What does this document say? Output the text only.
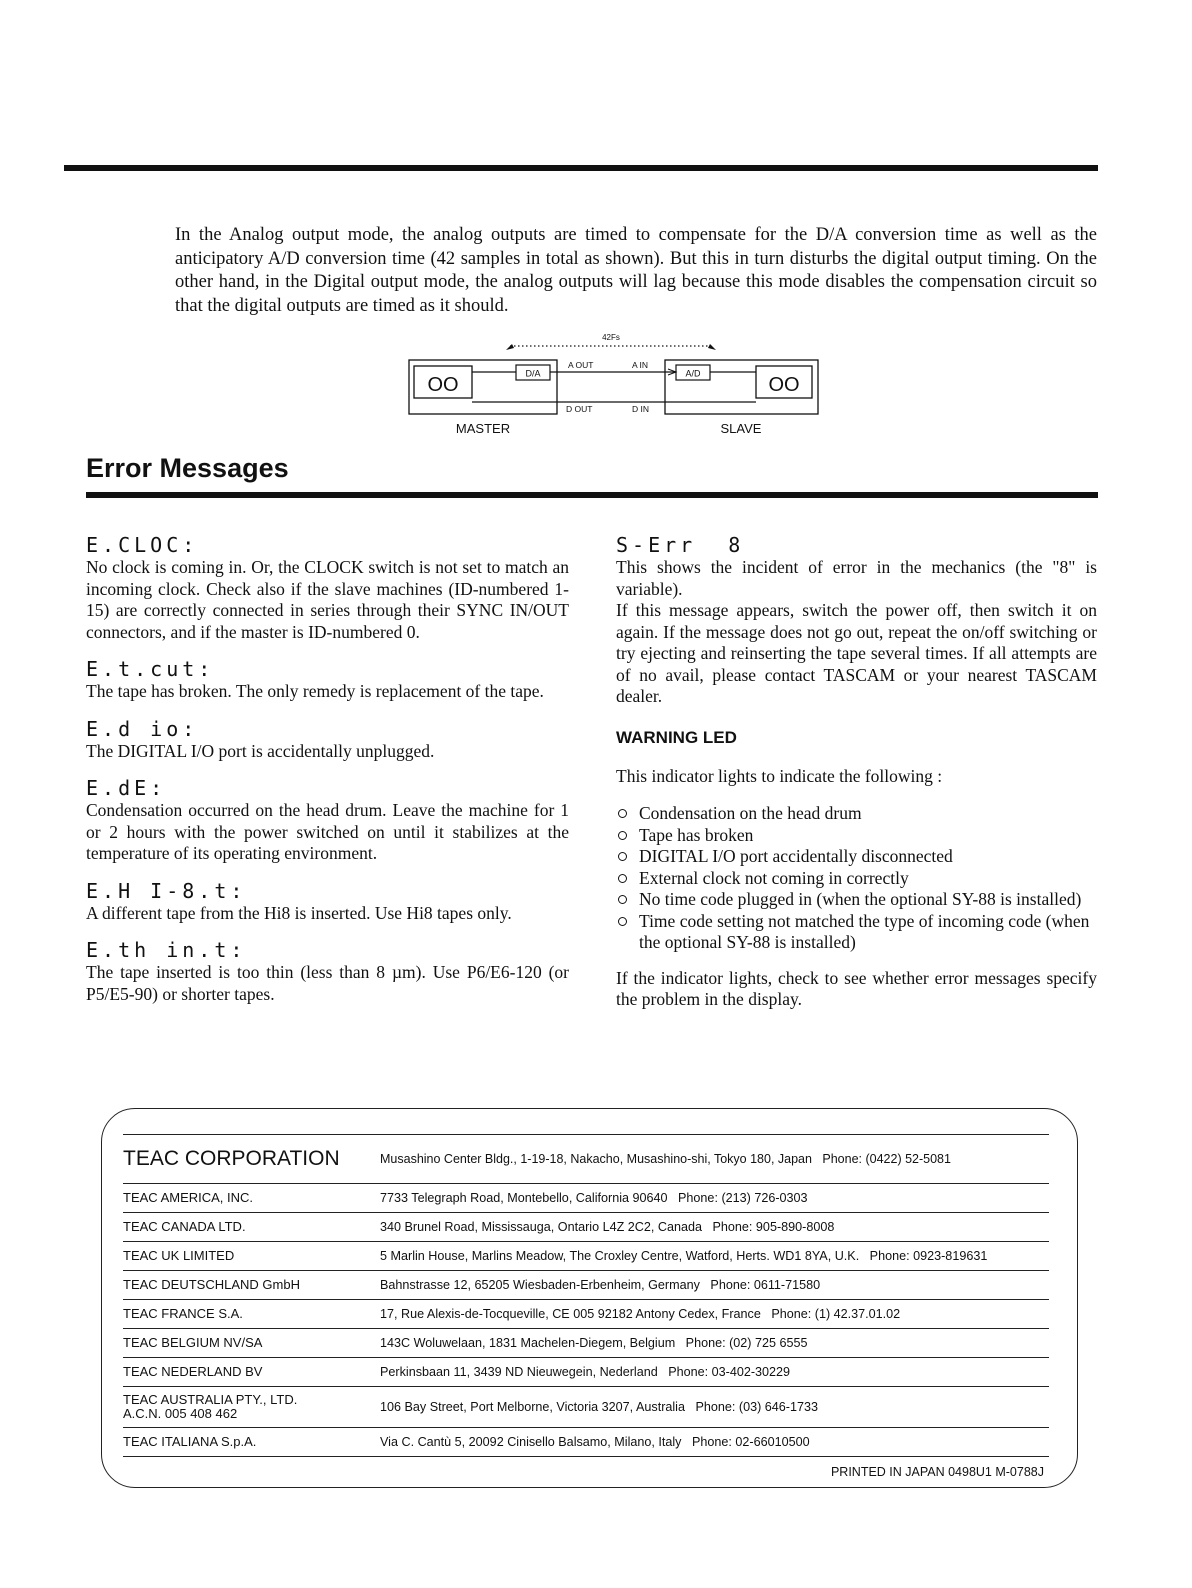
In the Analog output mode, the analog outputs are timed to compensate for the D/A conversion time as well as the anticipatory A/D conversion time (42 samples in total as shown). But this in turn disturbs the digital output timing. On the other hand, in the Digital output mode, the analog outputs will lag because this mode disables the compensation circuit so that the digital outputs are timed as it should.

42Fs
OO
D/A
OO
A/D
A OUT	A IN
D OUT	D IN
MASTER	SLAVE
Error Messages

E.CLOC:

No clock is coming in. Or, the CLOCK switch is not set to match an incoming clock. Check also if the slave machines (ID-numbered 1-15) are correctly connected in series through their SYNC IN/OUT connectors, and if the master is ID-numbered 0.

E.t.cut:

The tape has broken. The only remedy is replacement of the tape.

E.d io:

The DIGITAL I/O port is accidentally unplugged.

E.dE:

Condensation occurred on the head drum. Leave the machine for 1 or 2 hours with the power switched on until it stabilizes at the temperature of its operating environment.

E.H I-8.t:

A different tape from the Hi8 is inserted. Use Hi8 tapes only.

E.th in.t:

The tape inserted is too thin (less than 8 µm). Use P6/E6-120 (or P5/E5-90) or shorter tapes.

S-Err  8

This shows the incident of error in the mechanics (the "8" is variable).

If this message appears, switch the power off, then switch it on again. If the message does not go out, repeat the on/off switching or try ejecting and reinserting the tape several times. If all attempts are of no avail, please contact TASCAM or your nearest TASCAM dealer.

WARNING LED

This indicator lights to indicate the following :

Condensation on the head drum
Tape has broken
DIGITAL I/O port accidentally disconnected
External clock not coming in correctly
No time code plugged in (when the optional SY-88 is installed)
Time code setting not matched the type of incoming code (when the optional SY-88 is installed)

If the indicator lights, check to see whether error messages specify the problem in the display.

TEAC CORPORATION	Musashino Center Bldg., 1-19-18, Nakacho, Musashino-shi, Tokyo 180, Japan   Phone: (0422) 52-5081
TEAC AMERICA, INC.	7733 Telegraph Road, Montebello, California 90640   Phone: (213) 726-0303
TEAC CANADA LTD.	340 Brunel Road, Mississauga, Ontario L4Z 2C2, Canada   Phone: 905-890-8008
TEAC UK LIMITED	5 Marlin House, Marlins Meadow, The Croxley Centre, Watford, Herts. WD1 8YA, U.K.   Phone: 0923-819631
TEAC DEUTSCHLAND GmbH	Bahnstrasse 12, 65205 Wiesbaden-Erbenheim, Germany   Phone: 0611-71580
TEAC FRANCE S.A.	17, Rue Alexis-de-Tocqueville, CE 005 92182 Antony Cedex, France   Phone: (1) 42.37.01.02
TEAC BELGIUM NV/SA	143C Woluwelaan, 1831 Machelen-Diegem, Belgium   Phone: (02) 725 6555
TEAC NEDERLAND BV	Perkinsbaan 11, 3439 ND Nieuwegein, Nederland   Phone: 03-402-30229
TEAC AUSTRALIA PTY., LTD.
A.C.N. 005 408 462	106 Bay Street, Port Melborne, Victoria 3207, Australia   Phone: (03) 646-1733
TEAC ITALIANA S.p.A.	Via C. Cantù 5, 20092 Cinisello Balsamo, Milano, Italy   Phone: 02-66010500
PRINTED IN JAPAN 0498U1 M-0788J
